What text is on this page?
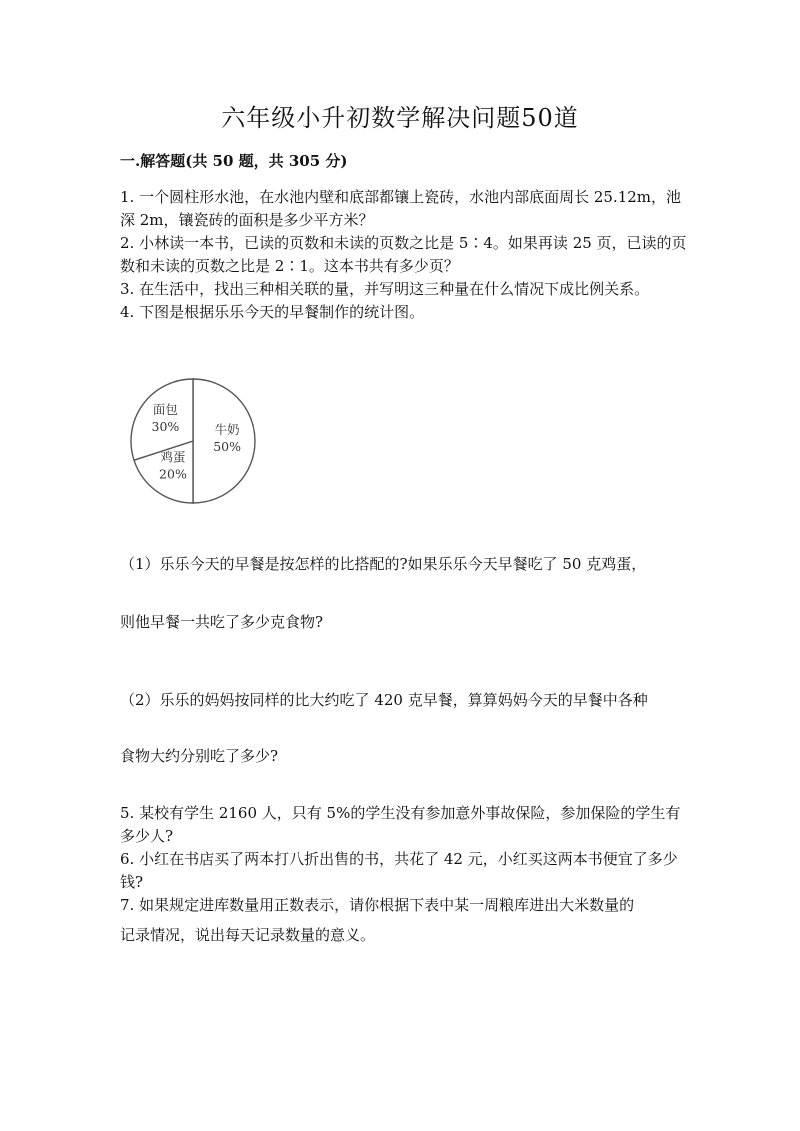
六年级小升初数学解决问题50道
一.解答题(共 50 题，共 305 分)

1. 一个圆柱形水池，在水池内壁和底部都镶上瓷砖，水池内部底面周长 25.12m，池深 2m，镶瓷砖的面积是多少平方米？

2. 小林读一本书，已读的页数和未读的页数之比是 5∶4。如果再读 25 页，已读的页数和未读的页数之比是 2∶1。这本书共有多少页？

3. 在生活中，找出三种相关联的量，并写明这三种量在什么情况下成比例关系。

4. 下图是根据乐乐今天的早餐制作的统计图。

牛奶
50%
鸡蛋
20%
面包
30%
（1）乐乐今天的早餐是按怎样的比搭配的?如果乐乐今天早餐吃了 50 克鸡蛋，
则他早餐一共吃了多少克食物?
（2）乐乐的妈妈按同样的比大约吃了 420 克早餐，算算妈妈今天的早餐中各种
食物大约分别吃了多少?

5. 某校有学生 2160 人，只有 5%的学生没有参加意外事故保险，参加保险的学生有多少人?

6. 小红在书店买了两本打八折出售的书，共花了 42 元，小红买这两本书便宜了多少钱?

7. 如果规定进库数量用正数表示，请你根据下表中某一周粮库进出大米数量的

记录情况，说出每天记录数量的意义。
